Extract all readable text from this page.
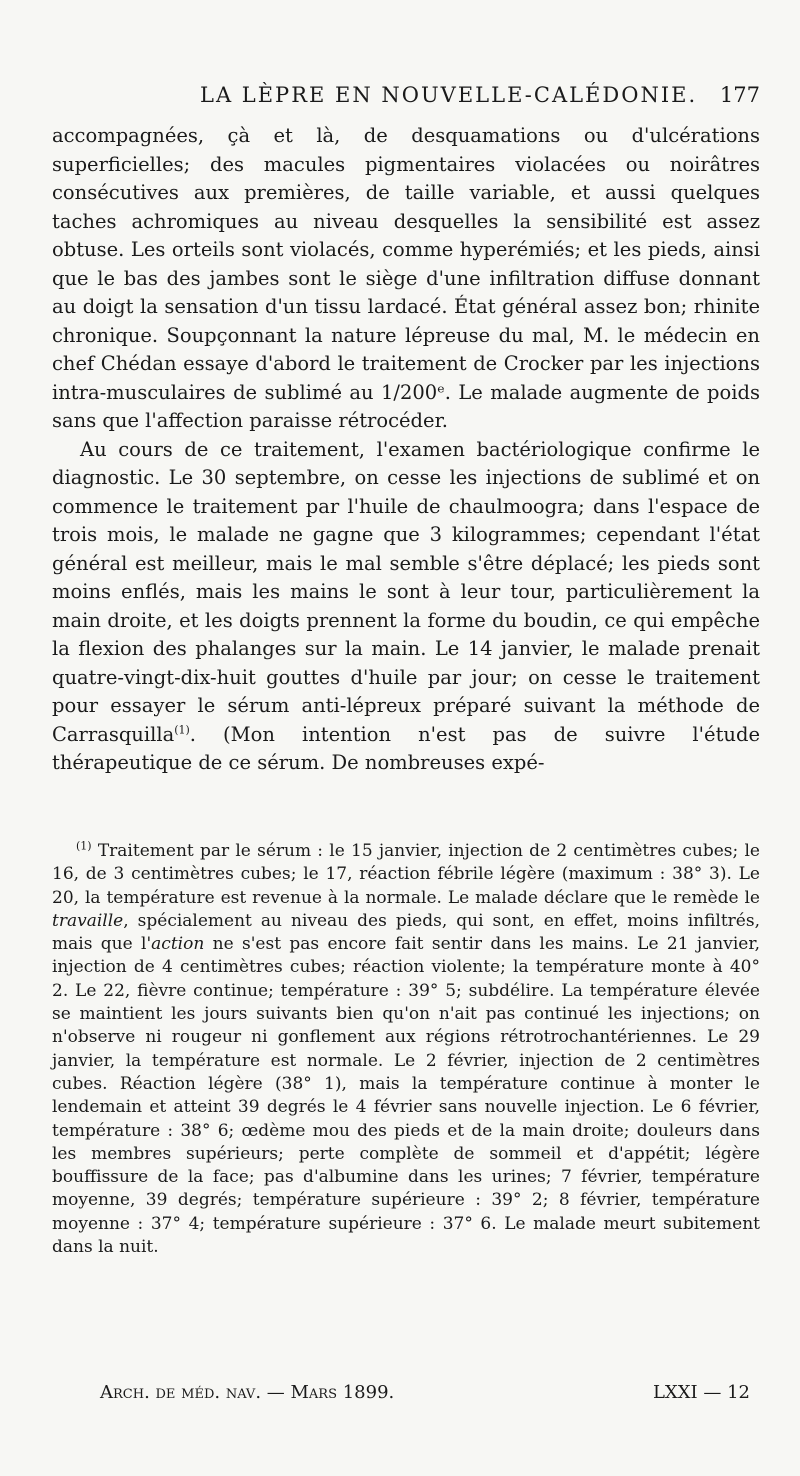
LA LÈPRE EN NOUVELLE-CALÉDONIE. 177

accompagnées, çà et là, de desquamations ou d'ulcérations superficielles; des macules pigmentaires violacées ou noirâtres consécutives aux premières, de taille variable, et aussi quelques taches achromiques au niveau desquelles la sensibilité est assez obtuse. Les orteils sont violacés, comme hyperémiés; et les pieds, ainsi que le bas des jambes sont le siège d'une infiltration diffuse donnant au doigt la sensation d'un tissu lardacé. État général assez bon; rhinite chronique. Soupçonnant la nature lépreuse du mal, M. le médecin en chef Chédan essaye d'abord le traitement de Crocker par les injections intra-musculaires de sublimé au 1/200ᵉ. Le malade augmente de poids sans que l'affection paraisse rétrocéder.

Au cours de ce traitement, l'examen bactériologique confirme le diagnostic. Le 30 septembre, on cesse les injections de sublimé et on commence le traitement par l'huile de chaulmoogra; dans l'espace de trois mois, le malade ne gagne que 3 kilogrammes; cependant l'état général est meilleur, mais le mal semble s'être déplacé; les pieds sont moins enflés, mais les mains le sont à leur tour, particulièrement la main droite, et les doigts prennent la forme du boudin, ce qui empêche la flexion des phalanges sur la main. Le 14 janvier, le malade prenait quatre-vingt-dix-huit gouttes d'huile par jour; on cesse le traitement pour essayer le sérum anti-lépreux préparé suivant la méthode de Carrasquilla$^{(1)}$. (Mon intention n'est pas de suivre l'étude thérapeutique de ce sérum. De nombreuses expé-

$^{(1)}$ Traitement par le sérum : le 15 janvier, injection de 2 centimètres cubes; le 16, de 3 centimètres cubes; le 17, réaction fébrile légère (maximum : 38° 3). Le 20, la température est revenue à la normale. Le malade déclare que le remède le travaille, spécialement au niveau des pieds, qui sont, en effet, moins infiltrés, mais que l'action ne s'est pas encore fait sentir dans les mains. Le 21 janvier, injection de 4 centimètres cubes; réaction violente; la température monte à 40° 2. Le 22, fièvre continue; température : 39° 5; subdélire. La température élevée se maintient les jours suivants bien qu'on n'ait pas continué les injections; on n'observe ni rougeur ni gonflement aux régions rétrotrochantériennes. Le 29 janvier, la température est normale. Le 2 février, injection de 2 centimètres cubes. Réaction légère (38° 1), mais la température continue à monter le lendemain et atteint 39 degrés le 4 février sans nouvelle injection. Le 6 février, température : 38° 6; œdème mou des pieds et de la main droite; douleurs dans les membres supérieurs; perte complète de sommeil et d'appétit; légère bouffissure de la face; pas d'albumine dans les urines; 7 février, température moyenne, 39 degrés; température supérieure : 39° 2; 8 février, température moyenne : 37° 4; température supérieure : 37° 6. Le malade meurt subitement dans la nuit.

Arch. de méd. nav. — Mars 1899.	LXXI — 12
